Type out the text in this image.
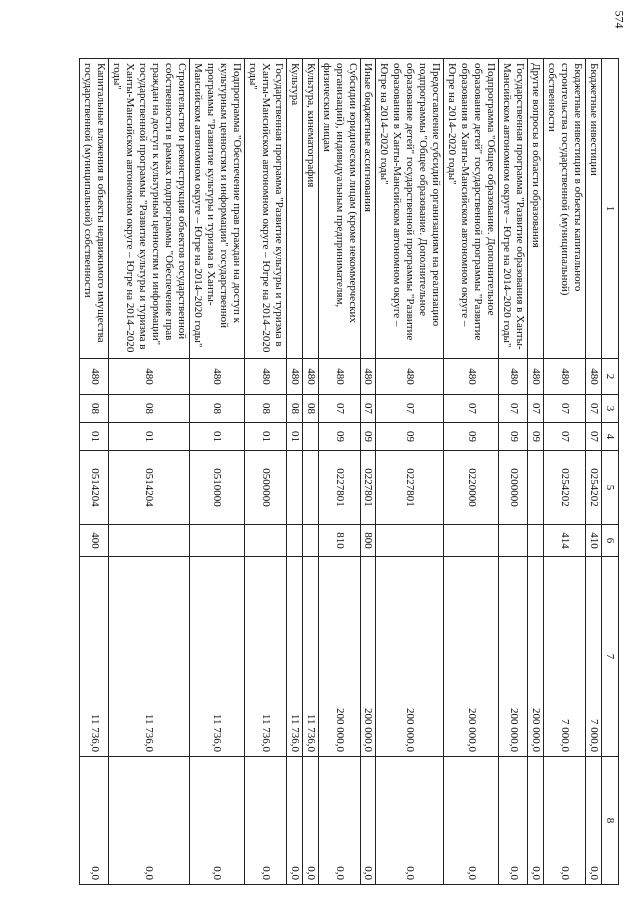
574
1	2	3	4	5	6	7	8
Бюджетные инвестиции	480	07	07	0254202	410	7 000,0	0,0
Бюджетные инвестиции в объекты капитального строительства государственной (муниципальной) собственности	480	07	07	0254202	414	7 000,0	0,0
Другие вопросы в области образования	480	07	09			200 000,0	0,0
Государственная программа "Развитие образования в Ханты-Мансийском автономном округе – Югре на 2014–2020 годы"	480	07	09	0200000		200 000,0	0,0
Подпрограмма "Общее образование. Дополнительное образование детей" государственной программы "Развитие образования в Ханты-Мансийском автономном округе – Югре на 2014–2020 годы"	480	07	09	0220000		200 000,0	0,0
Предоставление субсидий организациям на реализацию подпрограммы "Общее образование. Дополнительное образование детей" государственной программы "Развитие образования в Ханты-Мансийском автономном округе – Югре на 2014–2020 годы"	480	07	09	0227801		200 000,0	0,0
Иные бюджетные ассигнования	480	07	09	0227801	800	200 000,0	0,0
Субсидии юридическим лицам (кроме некоммерческих организаций), индивидуальным предпринимателям, физическим лицам	480	07	09	0227801	810	200 000,0	0,0
Культура, кинематография	480	08				11 736,0	0,0
Культура	480	08	01			11 736,0	0,0
Государственная программа "Развитие культуры и туризма в Ханты-Мансийском автономном округе – Югре на 2014–2020 годы"	480	08	01	0500000		11 736,0	0,0
Подпрограмма "Обеспечение прав граждан на доступ к культурным ценностям и информации" государственной программы "Развитие культуры и туризма в Ханты-Мансийском автономном округе – Югре на 2014–2020 годы"	480	08	01	0510000		11 736,0	0,0
Строительство и реконструкция объектов государственной собственности в рамках подпрограммы "Обеспечение прав граждан на доступ к культурным ценностям и информации" государственной программы "Развитие культуры и туризма в Ханты-Мансийском автономном округе – Югре на 2014–2020 годы"	480	08	01	0514204		11 736,0	0,0
Капитальные вложения в объекты недвижимого имущества государственной (муниципальной) собственности	480	08	01	0514204	400	11 736,0	0,0
